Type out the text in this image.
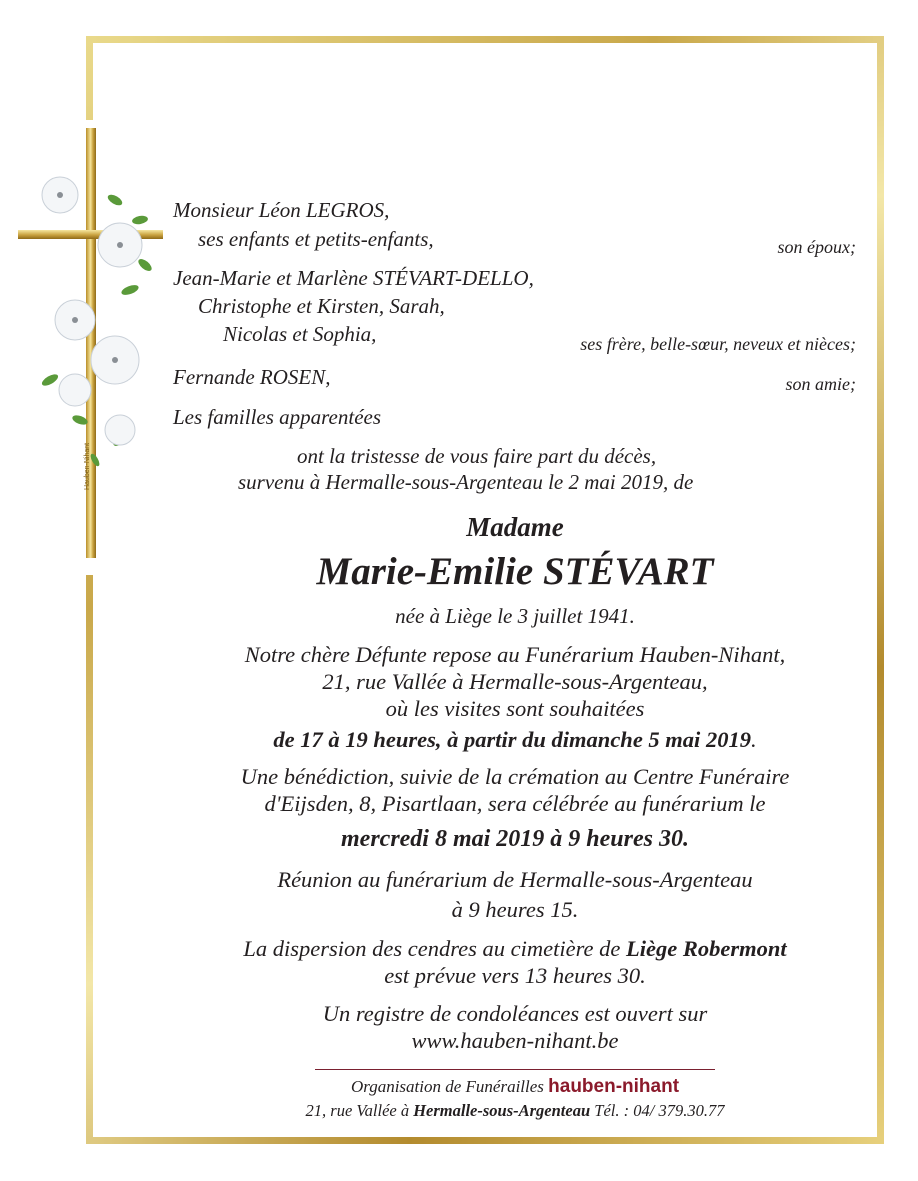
Hauben-Nihant
Monsieur Léon LEGROS,
ses enfants et petits-enfants,	son époux;
Jean-Marie et Marlène STÉVART-DELLO,
Christophe et Kirsten, Sarah,
Nicolas et Sophia,	ses frère, belle-sœur, neveux et nièces;
Fernande ROSEN,	son amie;
Les familles apparentées
ont la tristesse de vous faire part du décès,
survenu à Hermalle-sous-Argenteau le 2 mai 2019, de
Madame
Marie-Emilie STÉVART
née à Liège le 3 juillet 1941.
Notre chère Défunte repose au Funérarium Hauben-Nihant,
21, rue Vallée à Hermalle-sous-Argenteau,
où les visites sont souhaitées
de 17 à 19 heures, à partir du dimanche 5 mai 2019.
Une bénédiction, suivie de la crémation au Centre Funéraire
d'Eijsden, 8, Pisartlaan, sera célébrée au funérarium le
mercredi 8 mai 2019 à 9 heures 30.
Réunion au funérarium de Hermalle-sous-Argenteau
à 9 heures 15.
La dispersion des cendres au cimetière de Liège Robermont
est prévue vers 13 heures 30.
Un registre de condoléances est ouvert sur
www.hauben-nihant.be
Organisation de Funérailles hauben-nihant
21, rue Vallée à Hermalle-sous-Argenteau Tél. : 04/ 379.30.77
